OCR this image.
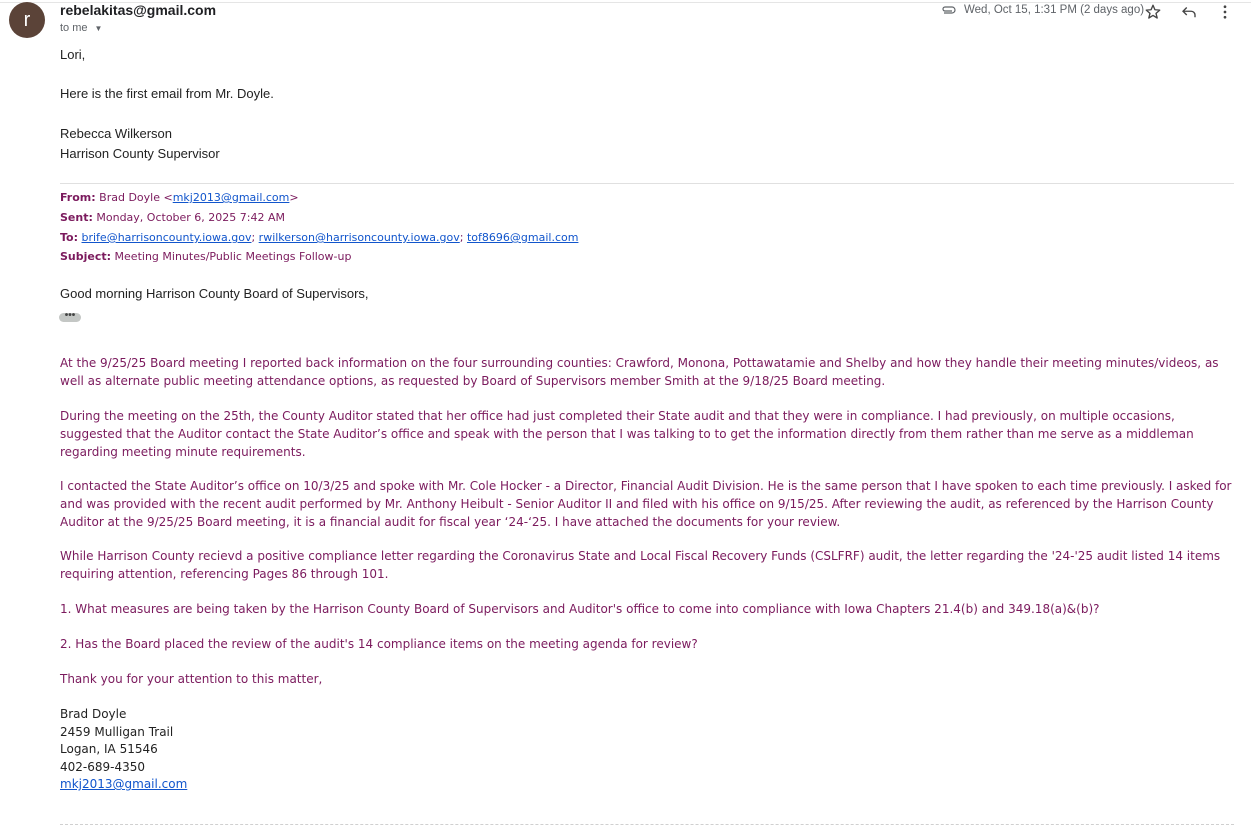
r rebelakitas@gmail.com
to me ▼
Wed, Oct 15, 1:31 PM (2 days ago)
Lori,
Here is the first email from Mr. Doyle.
Rebecca Wilkerson
Harrison County Supervisor
From: Brad Doyle <mkj2013@gmail.com>
Sent: Monday, October 6, 2025 7:42 AM
To: brife@harrisoncounty.iowa.gov; rwilkerson@harrisoncounty.iowa.gov; tof8696@gmail.com
Subject: Meeting Minutes/Public Meetings Follow-up
Good morning Harrison County Board of Supervisors,
•••
At the 9/25/25 Board meeting I reported back information on the four surrounding counties: Crawford, Monona, Pottawatamie and Shelby and how they handle their meeting minutes/videos, as well as alternate public meeting attendance options, as requested by Board of Supervisors member Smith at the 9/18/25 Board meeting.
During the meeting on the 25th, the County Auditor stated that her office had just completed their State audit and that they were in compliance. I had previously, on multiple occasions, suggested that the Auditor contact the State Auditor’s office and speak with the person that I was talking to to get the information directly from them rather than me serve as a middleman regarding meeting minute requirements.
I contacted the State Auditor’s office on 10/3/25 and spoke with Mr. Cole Hocker - a Director, Financial Audit Division. He is the same person that I have spoken to each time previously. I asked for and was provided with the recent audit performed by Mr. Anthony Heibult - Senior Auditor II and filed with his office on 9/15/25. After reviewing the audit, as referenced by the Harrison County Auditor at the 9/25/25 Board meeting, it is a financial audit for fiscal year ‘24-‘25. I have attached the documents for your review.
While Harrison County recievd a positive compliance letter regarding the Coronavirus State and Local Fiscal Recovery Funds (CSLFRF) audit, the letter regarding the '24-'25 audit listed 14 items requiring attention, referencing Pages 86 through 101.
1. What measures are being taken by the Harrison County Board of Supervisors and Auditor's office to come into compliance with Iowa Chapters 21.4(b) and 349.18(a)&(b)?
2. Has the Board placed the review of the audit's 14 compliance items on the meeting agenda for review?
Thank you for your attention to this matter,
Brad Doyle
2459 Mulligan Trail
Logan, IA 51546
402-689-4350
mkj2013@gmail.com
